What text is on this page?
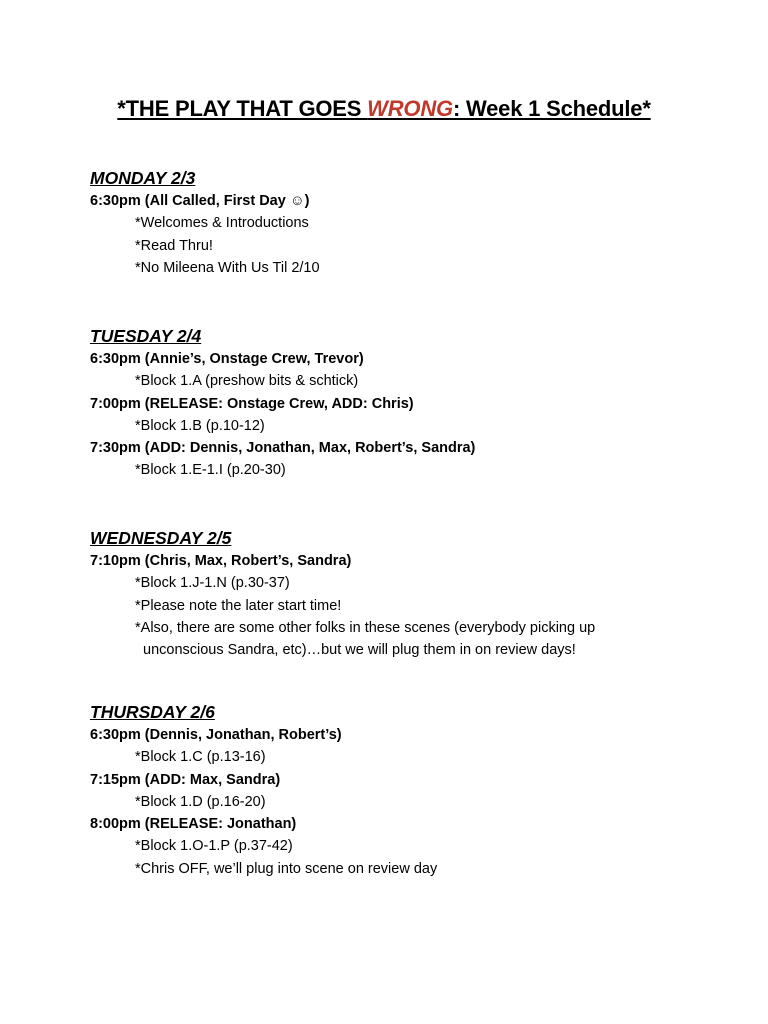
*THE PLAY THAT GOES WRONG: Week 1 Schedule*
MONDAY 2/3
6:30pm (All Called, First Day ☺)
*Welcomes & Introductions
*Read Thru!
*No Mileena With Us Til 2/10
TUESDAY 2/4
6:30pm (Annie’s, Onstage Crew, Trevor)
*Block 1.A (preshow bits & schtick)
7:00pm (RELEASE: Onstage Crew, ADD: Chris)
*Block 1.B (p.10-12)
7:30pm (ADD: Dennis, Jonathan, Max, Robert’s, Sandra)
*Block 1.E-1.I (p.20-30)
WEDNESDAY 2/5
7:10pm (Chris, Max, Robert’s, Sandra)
*Block 1.J-1.N (p.30-37)
*Please note the later start time!
*Also, there are some other folks in these scenes (everybody picking up
unconscious Sandra, etc)…but we will plug them in on review days!
THURSDAY 2/6
6:30pm (Dennis, Jonathan, Robert’s)
*Block 1.C (p.13-16)
7:15pm (ADD: Max, Sandra)
*Block 1.D (p.16-20)
8:00pm (RELEASE: Jonathan)
*Block 1.O-1.P (p.37-42)
*Chris OFF, we’ll plug into scene on review day
